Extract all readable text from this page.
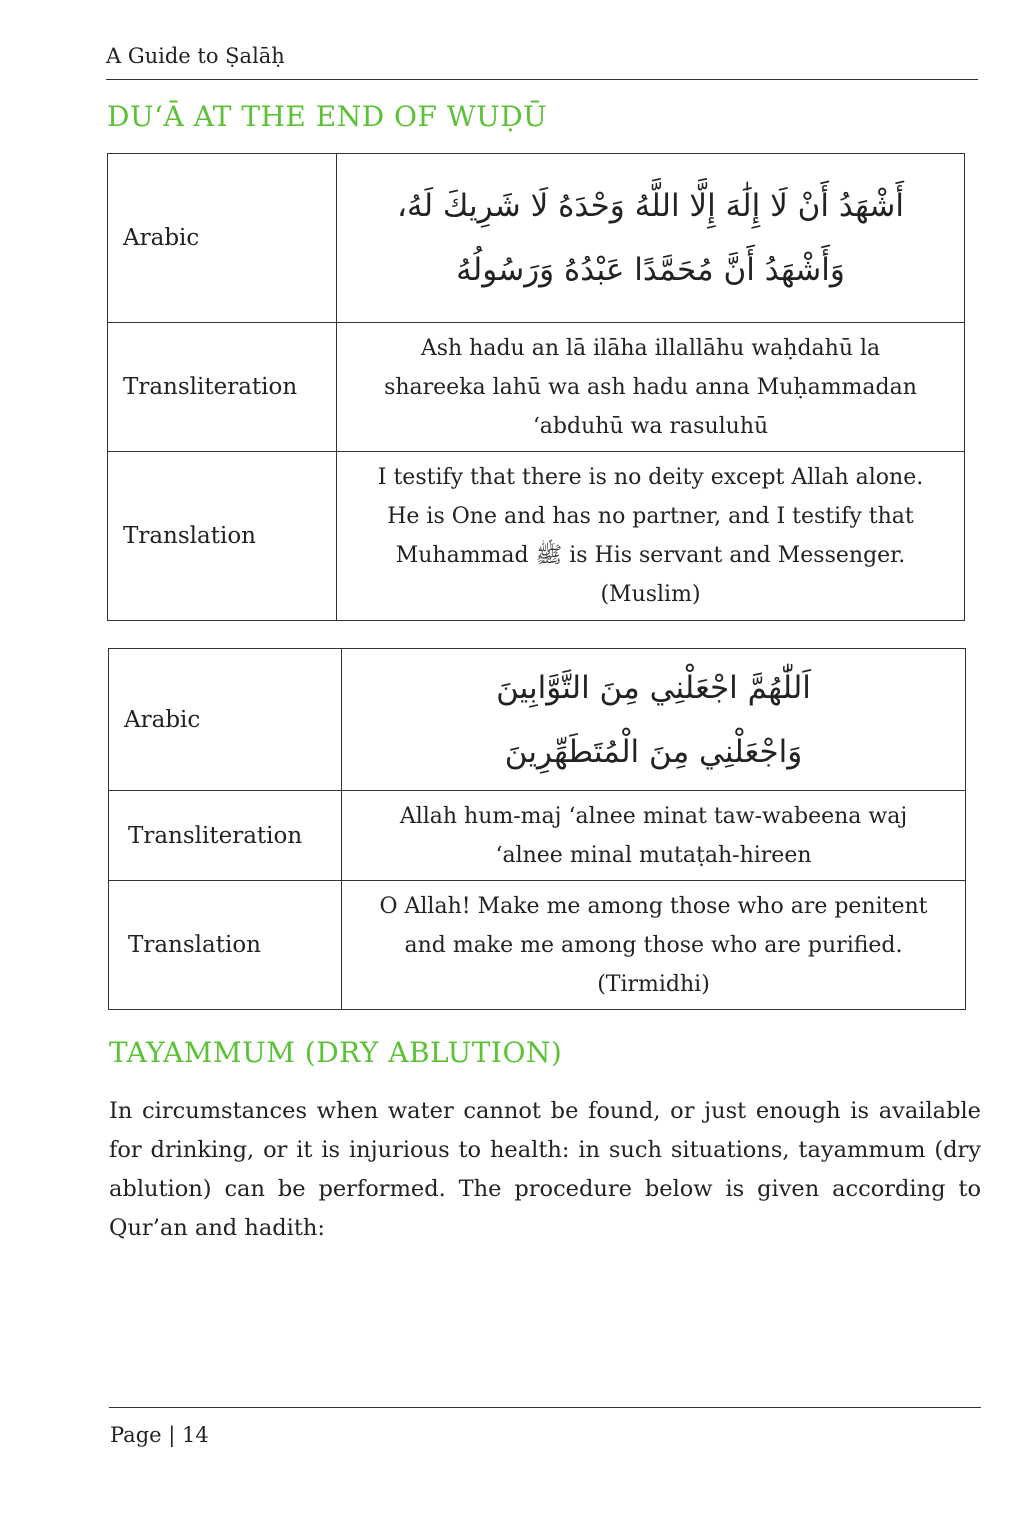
A Guide to Ṣalāḥ
DU‘Ā AT THE END OF WUḌŪ
Arabic	أَشْهَدُ أَنْ لَا إِلَٰهَ إِلَّا اللَّهُ وَحْدَهُ لَا شَرِيكَ لَهُ،
وَأَشْهَدُ أَنَّ مُحَمَّدًا عَبْدُهُ وَرَسُولُهُ

Transliteration	Ash hadu an lā ilāha illallāhu waḥdahū la
shareeka lahū wa ash hadu anna Muḥammadan
‘abduhū wa rasuluhū

Translation	I testify that there is no deity except Allah alone.
He is One and has no partner, and I testify that
Muhammad ﷺ is His servant and Messenger.
(Muslim)
Arabic	اَللّٰهُمَّ اجْعَلْنِي مِنَ التَّوَّابِينَ
وَاجْعَلْنِي مِنَ الْمُتَطَهِّرِينَ

Transliteration	Allah hum-maj ‘alnee minat taw-wabeena waj
‘alnee minal mutaṭah-hireen

Translation	O Allah! Make me among those who are penitent
and make me among those who are purified.
(Tirmidhi)
TAYAMMUM (DRY ABLUTION)

In circumstances when water cannot be found, or just enough is available for drinking, or it is injurious to health: in such situations, tayammum (dry ablution) can be performed. The procedure below is given according to Qur’an and hadith:

Page | 14
